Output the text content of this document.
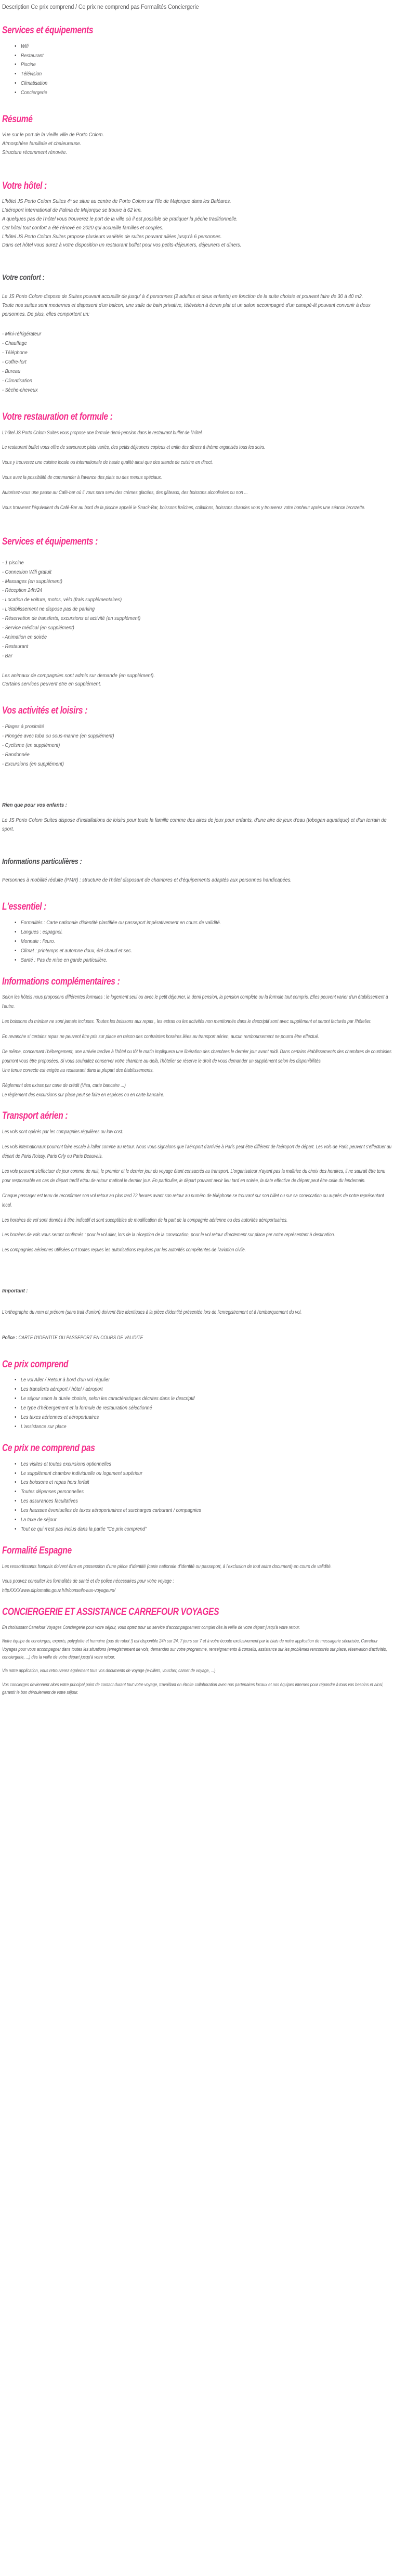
Description Ce prix comprend / Ce prix ne comprend pas Formalités Conciergerie
Services et équipements
• Wifi
• Restaurant
• Piscine
• Télévision
• Climatisation
• Conciergerie
Résumé

Vue sur le port de la vieille ville de Porto Colom.

Atmosphère familiale et chaleureuse.

Structure récemment rénovée.

Votre hôtel :

L'hôtel JS Porto Colom Suites 4* se situe au centre de Porto Colom sur l'île de Majorque dans les Baléares.

L'aéroport international de Palma de Majorque se trouve à 62 km.

A quelques pas de l'hôtel vous trouverez le port de la ville où il est possible de pratiquer la pêche traditionnelle.

Cet hôtel tout confort a été rénové en 2020 qui accueille familles et couples.

L'hôtel JS Porto Colom Suites propose plusieurs variétés de suites pouvant allées jusqu'à 6 personnes.

Dans cet hôtel vous aurez à votre disposition un restaurant buffet pour vos petits-déjeuners, déjeuners et dîners.

Votre confort :

Le JS Porto Colom dispose de Suites pouvant accueillir de jusqu' à 4 personnes (2 adultes et deux enfants) en fonction de la suite choisie et pouvant faire de 30 à 40 m2.

Toute nos suites sont modernes et disposent d'un balcon, une salle de bain privative, télévision à écran plat et un salon accompagné d'un canapé-lit pouvant convenir à deux personnes. De plus, elles comportent un:

- Mini-réfrigérateur
- Chauffage
- Téléphone
- Coffre-fort
- Bureau
- Climatisation
- Sèche-cheveux
Votre restauration et formule :

L'hôtel JS Porto Colom Suites vous propose une formule demi-pension dans le restaurant buffet de l'hôtel.

Le restaurant buffet vous offre de savoureux plats variés, des petits déjeuners copieux et enfin des dîners à thème organisés tous les soirs.

Vous y trouverez une cuisine locale ou internationale de haute qualité ainsi que des stands de cuisine en direct.

Vous avez la possibilité de commander à l'avance des plats ou des menus spéciaux.

Autorisez-vous une pause au Café-bar où il vous sera servi des crèmes glacées, des gâteaux, des boissons alcoolisées ou non ...

Vous trouverez l'équivalent du Café-Bar au bord de la piscine appelé le Snack-Bar, boissons fraîches, collations, boissons chaudes vous y trouverez votre bonheur après une séance bronzette.

Services et équipements :
- 1 piscine
- Connexion Wifi gratuit
- Massages (en supplément)
- Réception 24h/24
- Location de voiture, motos, vélo (frais supplémentaires)
- L'établissement ne dispose pas de parking
- Réservation de transferts, excursions et activité (en supplément)
- Service médical (en supplément)
- Animation en soirée
- Restaurant
- Bar

Les animaux de compagnies sont admis sur demande (en supplément).

Certains services peuvent etre en supplément.

Vos activités et loisirs :
- Plages à proximité
- Plongée avec tuba ou sous-marine (en supplément)
- Cyclisme (en supplément)
- Randonnée
- Excursions (en supplément)
Rien que pour vos enfants :

Le JS Porto Colom Suites dispose d'installations de loisirs pour toute la famille comme des aires de jeux pour enfants, d'une aire de jeux d'eau (tobogan aquatique) et d'un terrain de sport.

Informations particulières :

Personnes à mobilité réduite (PMR) : structure de l'hôtel disposant de chambres et d'équipements adaptés aux personnes handicapées.

L'essentiel :
• Formalités : Carte nationale d'identité plastifiée ou passeport impérativement en cours de validité.
• Langues : espagnol.
• Monnaie : l'euro.
• Climat : printemps et automne doux, été chaud et sec.
• Santé : Pas de mise en garde particulière.
Informations complémentaires :

Selon les hôtels nous proposons différentes formules : le logement seul ou avec le petit déjeuner, la demi pension, la pension complète ou la formule tout compris. Elles peuvent varier d'un établissement à l'autre.

Les boissons du minibar ne sont jamais incluses. Toutes les boissons aux repas , les extras ou les activités non mentionnés dans le descriptif sont avec supplément et seront facturés par l'hôtelier.

En revanche si certains repas ne peuvent être pris sur place en raison des contraintes horaires liées au transport aérien, aucun remboursement ne pourra être effectué.

De même, concernant l'hébergement, une arrivée tardive à l'hôtel ou tôt le matin impliquera une libération des chambres le dernier jour avant midi. Dans certains établissements des chambres de courtoisies pourront vous être proposées. Si vous souhaitez conserver votre chambre au-delà, l'hôtelier se réserve le droit de vous demander un supplément selon les disponibilités.

Une tenue correcte est exigée au restaurant dans la plupart des établissements.

Règlement des extras par carte de crédit (Visa, carte bancaire ...)

Le règlement des excursions sur place peut se faire en espèces ou en carte bancaire.

Transport aérien :

Les vols sont opérés par les compagnies régulières ou low cost.

Les vols internationaux pourront faire escale à l'aller comme au retour. Nous vous signalons que l'aéroport d'arrivée à Paris peut être différent de l'aéroport de départ. Les vols de Paris peuvent s'effectuer au départ de Paris Roissy, Paris Orly ou Paris Beauvais.

Les vols peuvent s'effectuer de jour comme de nuit, le premier et le dernier jour du voyage étant consacrés au transport. L'organisateur n'ayant pas la maîtrise du choix des horaires, il ne saurait être tenu pour responsable en cas de départ tardif et/ou de retour matinal le dernier jour. En particulier, le départ pouvant avoir lieu tard en soirée, la date effective de départ peut être celle du lendemain.

Chaque passager est tenu de reconfirmer son vol retour au plus tard 72 heures avant son retour au numéro de téléphone se trouvant sur son billet ou sur sa convocation ou auprès de notre représentant local.

Les horaires de vol sont donnés à titre indicatif et sont suceptibles de modification de la part de la compagnie aérienne ou des autorités aéroportuaires.

Les horaires de vols vous seront confirmés : pour le vol aller, lors de la réception de la convocation, pour le vol retour directement sur place par notre représentant à destination.

Les compagnies aériennes utilisées ont toutes reçues les autorisations requises par les autorités compétentes de l'aviation civile.

Important :

L'orthographe du nom et prénom (sans trait d'union) doivent être identiques à la pièce d'identité présentée lors de l'enregistrement et à l'embarquement du vol.

Police : CARTE D'IDENTITE OU PASSEPORT EN COURS DE VALIDITE

Ce prix comprend
• Le vol Aller / Retour à bord d'un vol régulier
• Les transferts aéroport / hôtel / aéroport
• Le séjour selon la durée choisie, selon les caractéristiques décrites dans le descriptif
• Le type d'hébergement et la formule de restauration sélectionné
• Les taxes aériennes et aéroportuaires
• L'assistance sur place
Ce prix ne comprend pas
• Les visites et toutes excursions optionnelles
• Le supplément chambre individuelle ou logement supérieur
• Les boissons et repas hors forfait
• Toutes dépenses personnelles
• Les assurances facultatives
• Les hausses éventuelles de taxes aéroportuaires et surcharges carburant / compagnies
• La taxe de séjour
• Tout ce qui n'est pas inclus dans la partie "Ce prix comprend"
Formalité Espagne

Les ressortissants français doivent être en possession d'une pièce d'identité (carte nationale d'identité ou passeport, à l'exclusion de tout autre document) en cours de validité.

Vous pouvez consulter les formalités de santé et de police nécessaires pour votre voyage :

httpXXXXwww.diplomatie.gouv.fr/fr/conseils-aux-voyageurs/

CONCIERGERIE ET ASSISTANCE CARREFOUR VOYAGES

En choisissant Carrefour Voyages Conciergerie pour votre séjour, vous optez pour un service d'accompagnement complet dès la veille de votre départ jusqu'à votre retour.

Notre équipe de concierges, experts, polyglotte et humaine (pas de robot !) est disponible 24h sur 24, 7 jours sur 7 et à votre écoute exclusivement par le biais de notre application de messagerie sécurisée, Carrefour Voyages pour vous accompagner dans toutes les situations (enregistrement de vols, demandes sur votre programme, renseignements & conseils, assistance sur les problèmes rencontrés sur place, réservation d'activités, conciergerie, ...) dès la veille de votre départ jusqu'à votre retour.

Via notre application, vous retrouverez également tous vos documents de voyage (e-billets, voucher, carnet de voyage, ...)

Vos concierges deviennent alors votre principal point de contact durant tout votre voyage, travaillant en étroite collaboration avec nos partenaires locaux et nos équipes internes pour répondre à tous vos besoins et ainsi, garantir le bon déroulement de votre séjour.
